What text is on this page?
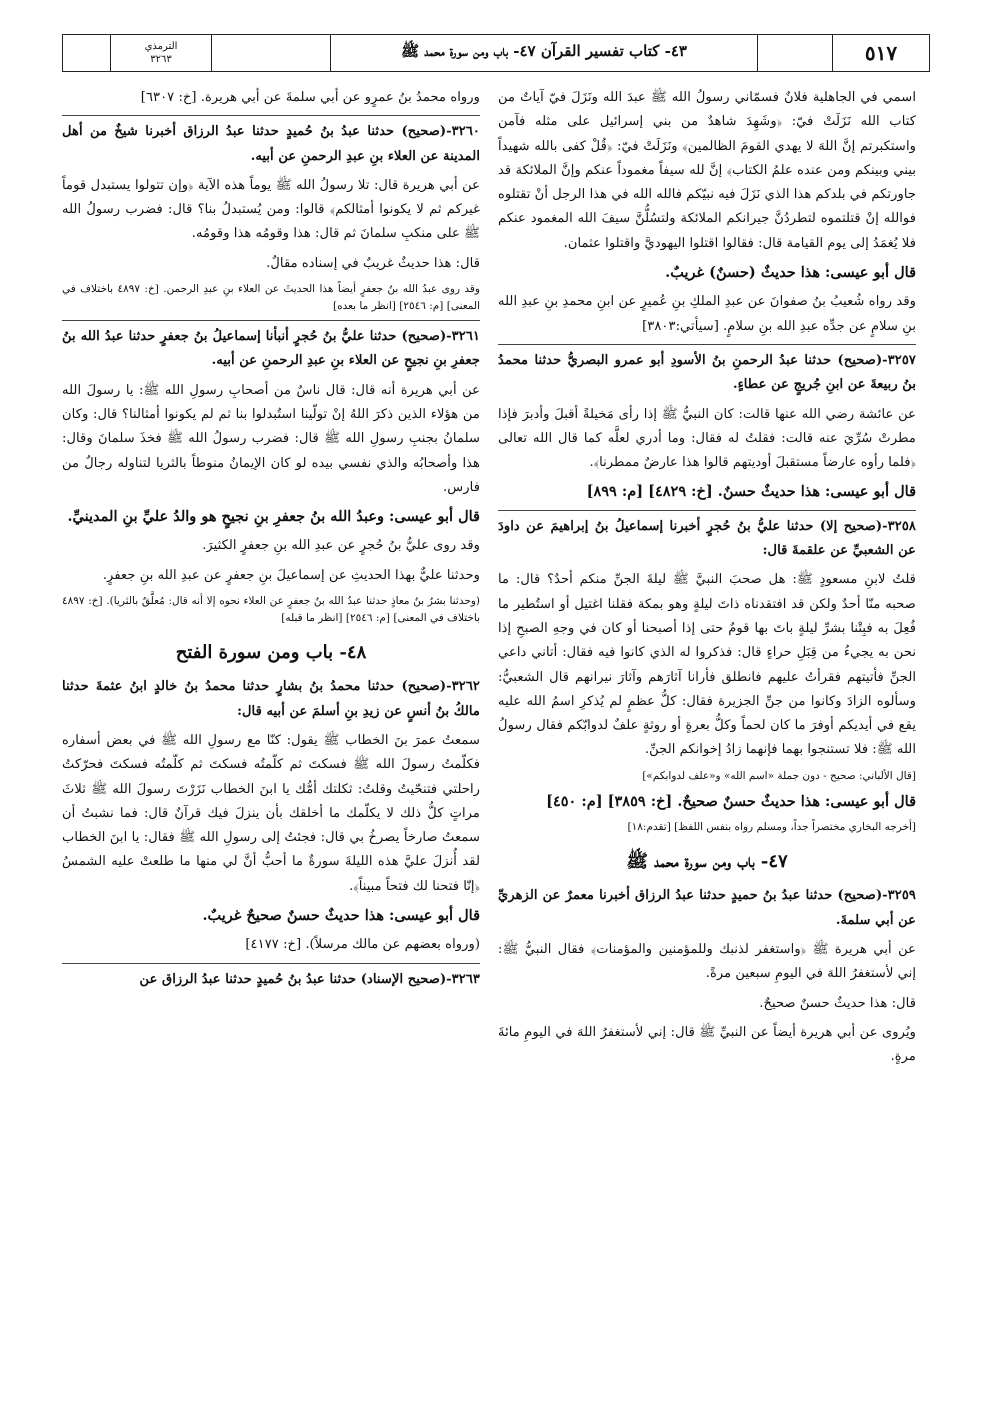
٥١٧
٤٣- كتاب تفسير القرآن ٤٧- باب ومن سورة محمد ﷺ
الترمذي
٣٢٦٣

اسمي في الجاهلية فلانٌ فسمّاني رسولُ الله ﷺ عبدَ الله ونَزَلَ فيّ آياتٌ من كتاب الله نَزَلَتْ فيّ: ﴿وشَهِدَ شاهدٌ من بني إسرائيل على مثله فآمن واستكبرتم إنَّ اللهَ لا يهدي القومَ الظالمين﴾ ونَزَلَتْ فيّ: ﴿قُلْ كفى بالله شهيداً بيني وبينكم ومن عنده علمُ الكتاب﴾ إنَّ لله سيفاً مغموداً عنكم وإنَّ الملائكة قد جاورتكم في بلدكم هذا الذي نَزَلَ فيه نبيّكم فالله الله في هذا الرجل أنْ تقتلوه فوالله إنْ قتلتموه لتطردُنَّ جيرانكم الملائكة ولتسُلُّنَّ سيفَ الله المغمود عنكم فلا يُغمَدُ إلى يوم القيامة قال: فقالوا اقتلوا اليهوديَّ واقتلوا عثمان.

قال أبو عيسى: هذا حديثٌ (حسنٌ) غريبٌ.

وقد رواه شُعيبُ بنُ صفوانَ عن عبدِ الملكِ بنِ عُميرٍ عن ابنِ محمدِ بنِ عبدِ الله بنِ سلامٍ عن جدِّه عبدِ الله بنِ سلامٍ. [سيأتي:٣٨٠٣]

٣٢٥٧-(صحيح) حدثنا عبدُ الرحمنِ بنُ الأسودِ أبو عمرو البصريُّ حدثنا محمدُ بنُ ربيعةَ عن ابنِ جُريجٍ عن عطاءٍ.

عن عائشة رضي الله عنها قالت: كان النبيُّ ﷺ إذا رأى مَخيلةً أقبلَ وأدبرَ فإذا مطرتْ سُرِّيَ عنه قالت: فقلتُ له فقال: وما أدري لعلَّه كما قال الله تعالى ﴿فلما رأوه عارضاً مستقبلَ أوديتهم قالوا هذا عارضٌ ممطرنا﴾.

قال أبو عيسى: هذا حديثٌ حسنٌ. [خ: ٤٨٢٩] [م: ٨٩٩]

٣٢٥٨-(صحيح إلا) حدثنا عليُّ بنُ حُجرٍ أخبرنا إسماعيلُ بنُ إبراهيمَ عن داودَ عن الشعبيِّ عن علقمةَ قال:

قلتُ لابنِ مسعودٍ ﷺ: هل صحبَ النبيَّ ﷺ ليلةَ الجنِّ منكم أحدٌ؟ قال: ما صحبه منّا أحدٌ ولكن قد افتقدناه ذاتَ ليلةٍ وهو بمكة فقلنا اغتيل أو استُطير ما فُعِلَ به فبِتْنا بشرِّ ليلةٍ باتَ بها قومٌ حتى إذا أصبحنا أو كان في وجهِ الصبحِ إذا نحن به يجيءُ من قِبَلِ حراءٍ قال: فذكروا له الذي كانوا فيه فقال: أتاني داعي الجنِّ فأتيتهم فقرأتُ عليهم فانطلق فأرانا آثارَهم وآثارَ نيرانهم قال الشعبيُّ: وسألوه الزادَ وكانوا من جنِّ الجزيرة فقال: كلُّ عظمٍ لم يُذكرِ اسمُ الله عليه يقع في أيديكم أوفرَ ما كان لحماً وكلُّ بعرةٍ أو روثةٍ علفٌ لدوابّكم فقال رسولُ الله ﷺ: فلا تستنجوا بهما فإنهما زادُ إخوانكم الجنِّ.

[قال الألباني: صحيح - دون جملة «اسم الله» و«علف لدوابكم»]

قال أبو عيسى: هذا حديثٌ حسنٌ صحيحٌ. [خ: ٣٨٥٩] [م: ٤٥٠]

[أخرجه البخاري مختصراً جداً، ومسلم رواه بنفس اللفظ] [تقدم:١٨]

٤٧- باب ومن سورة محمد ﷺ

٣٢٥٩-(صحيح) حدثنا عبدُ بنُ حميدٍ حدثنا عبدُ الرزاق أخبرنا معمرٌ عن الزهريِّ عن أبي سلمةَ.

عن أبي هريرة ﷺ ﴿واستغفر لذنبك وللمؤمنين والمؤمنات﴾ فقال النبيُّ ﷺ: إني لأستغفرُ اللهَ في اليومِ سبعين مرةً.

قال: هذا حديثٌ حسنٌ صحيحٌ.

ويُروى عن أبي هريرة أيضاً عن النبيِّ ﷺ قال: إني لأستغفرُ اللهَ في اليومِ مائةَ مرةٍ.

ورواه محمدُ بنُ عمرٍو عن أبي سلمةَ عن أبي هريرة. [خ: ٦٣٠٧]

٣٢٦٠-(صحيح) حدثنا عبدُ بنُ حُميدٍ حدثنا عبدُ الرزاق أخبرنا شيخٌ من أهل المدينة عن العلاء بنِ عبدِ الرحمنِ عن أبيه.

عن أبي هريرة قال: تلا رسولُ الله ﷺ يوماً هذه الآية ﴿وإن تتولوا يستبدل قوماً غيركم ثم لا يكونوا أمثالكم﴾ قالوا: ومن يُستبدلُ بنا؟ قال: فضرب رسولُ الله ﷺ على منكبِ سلمانَ ثم قال: هذا وقومُه هذا وقومُه.

قال: هذا حديثٌ غريبٌ في إسناده مقالٌ.

وقد روى عبدُ الله بنُ جعفرٍ أيضاً هذا الحديثَ عن العلاء بنِ عبدِ الرحمن. [خ: ٤٨٩٧ باختلاف في المعنى] [م: ٢٥٤٦] [انظر ما بعده]

٣٢٦١-(صحيح) حدثنا عليُّ بنُ حُجرٍ أنبأنا إسماعيلُ بنُ جعفرٍ حدثنا عبدُ الله بنُ جعفرِ بنِ نجيحٍ عن العلاء بنِ عبدِ الرحمنِ عن أبيه.

عن أبي هريرة أنه قال: قال ناسٌ من أصحابِ رسولِ الله ﷺ: يا رسولَ الله من هؤلاء الذين ذكرَ اللهُ إنْ تولّينا استُبدلوا بنا ثم لم يكونوا أمثالنا؟ قال: وكان سلمانُ بجنبِ رسولِ الله ﷺ قال: فضرب رسولُ الله ﷺ فخذَ سلمانَ وقال: هذا وأصحابُه والذي نفسي بيده لو كان الإيمانُ منوطاً بالثريا لتناوله رجالٌ من فارس.

قال أبو عيسى: وعبدُ الله بنُ جعفرِ بنِ نجيحٍ هو والدُ عليِّ بنِ المدينيِّ.

وقد روى عليُّ بنُ حُجرٍ عن عبدِ الله بنِ جعفرٍ الكثيرَ.

وحدثنا عليٌّ بهذا الحديثِ عن إسماعيلَ بنِ جعفرٍ عن عبدِ الله بنِ جعفرٍ.

(وحدثنا بشرُ بنُ معاذٍ حدثنا عبدُ الله بنُ جعفرٍ عن العلاء نحوه إلا أنه قال: مُعلَّقٌ بالثريا). [خ: ٤٨٩٧ باختلاف في المعنى] [م: ٢٥٤٦] [انظر ما قبله]

٤٨- باب ومن سورة الفتح

٣٢٦٢-(صحيح) حدثنا محمدُ بنُ بشارٍ حدثنا محمدُ بنُ خالدٍ ابنُ عثمةَ حدثنا مالكُ بنُ أنسٍ عن زيدِ بنِ أسلمَ عن أبيه قال:

سمعتُ عمرَ بنَ الخطاب ﷺ يقول: كنّا مع رسولِ الله ﷺ في بعض أسفاره فكلّمتُ رسولَ الله ﷺ فسكتَ ثم كلّمتُه فسكتَ ثم كلّمتُه فسكتَ فحرّكتُ راحلتي فتنحّيتُ وقلتُ: ثكلتك أمُّك يا ابنَ الخطاب نَزَرْتَ رسولَ الله ﷺ ثلاثَ مراتٍ كلُّ ذلك لا يكلّمك ما أخلقك بأن ينزلَ فيك قرآنٌ قال: فما نشبتُ أن سمعتُ صارخاً يصرخُ بي قال: فجئتُ إلى رسولِ الله ﷺ فقال: يا ابنَ الخطاب لقد أُنزلَ عليَّ هذه الليلةَ سورةٌ ما أحبُّ أنَّ لي منها ما طلعتْ عليه الشمسُ ﴿إنّا فتحنا لك فتحاً مبيناً﴾.

قال أبو عيسى: هذا حديثٌ حسنٌ صحيحٌ غريبٌ.

(ورواه بعضهم عن مالك مرسلاً). [خ: ٤١٧٧]

٣٢٦٣-(صحيح الإسناد) حدثنا عبدُ بنُ حُميدٍ حدثنا عبدُ الرزاق عن
